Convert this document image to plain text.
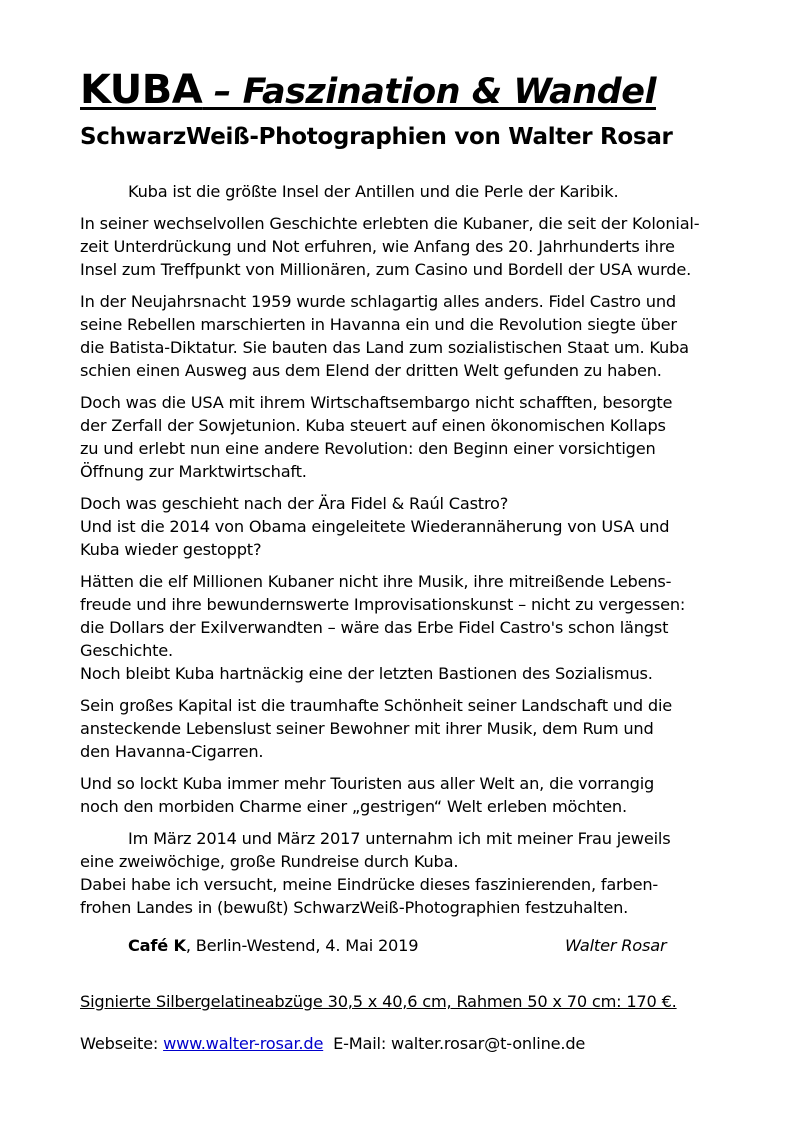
KUBA – Faszination & Wandel
SchwarzWeiß-Photographien von Walter Rosar
Kuba ist die größte Insel der Antillen und die Perle der Karibik.
In seiner wechselvollen Geschichte erlebten die Kubaner, die seit der Kolonial-
zeit Unterdrückung und Not erfuhren, wie Anfang des 20. Jahrhunderts ihre
Insel zum Treffpunkt von Millionären, zum Casino und Bordell der USA wurde.
In der Neujahrsnacht 1959 wurde schlagartig alles anders. Fidel Castro und
seine Rebellen marschierten in Havanna ein und die Revolution siegte über
die Batista-Diktatur. Sie bauten das Land zum sozialistischen Staat um. Kuba
schien einen Ausweg aus dem Elend der dritten Welt gefunden zu haben.
Doch was die USA mit ihrem Wirtschaftsembargo nicht schafften, besorgte
der Zerfall der Sowjetunion. Kuba steuert auf einen ökonomischen Kollaps
zu und erlebt nun eine andere Revolution: den Beginn einer vorsichtigen
Öffnung zur Marktwirtschaft.
Doch was geschieht nach der Ära Fidel & Raúl Castro?
Und ist die 2014 von Obama eingeleitete Wiederannäherung von USA und
Kuba wieder gestoppt?
Hätten die elf Millionen Kubaner nicht ihre Musik, ihre mitreißende Lebens-
freude und ihre bewundernswerte Improvisationskunst – nicht zu vergessen:
die Dollars der Exilverwandten – wäre das Erbe Fidel Castro's schon längst
Geschichte.
Noch bleibt Kuba hartnäckig eine der letzten Bastionen des Sozialismus.
Sein großes Kapital ist die traumhafte Schönheit seiner Landschaft und die
ansteckende Lebenslust seiner Bewohner mit ihrer Musik, dem Rum und
den Havanna-Cigarren.
Und so lockt Kuba immer mehr Touristen aus aller Welt an, die vorrangig
noch den morbiden Charme einer „gestrigen“ Welt erleben möchten.
Im März 2014 und März 2017 unternahm ich mit meiner Frau jeweils
eine zweiwöchige, große Rundreise durch Kuba.
Dabei habe ich versucht, meine Eindrücke dieses faszinierenden, farben-
frohen Landes in (bewußt) SchwarzWeiß-Photographien festzuhalten.
Café K, Berlin-Westend, 4. Mai 2019	Walter Rosar
Signierte Silbergelatineabzüge 30,5 x 40,6 cm, Rahmen 50 x 70 cm: 170 €.
Webseite: www.walter-rosar.de  E-Mail: walter.rosar@t-online.de
